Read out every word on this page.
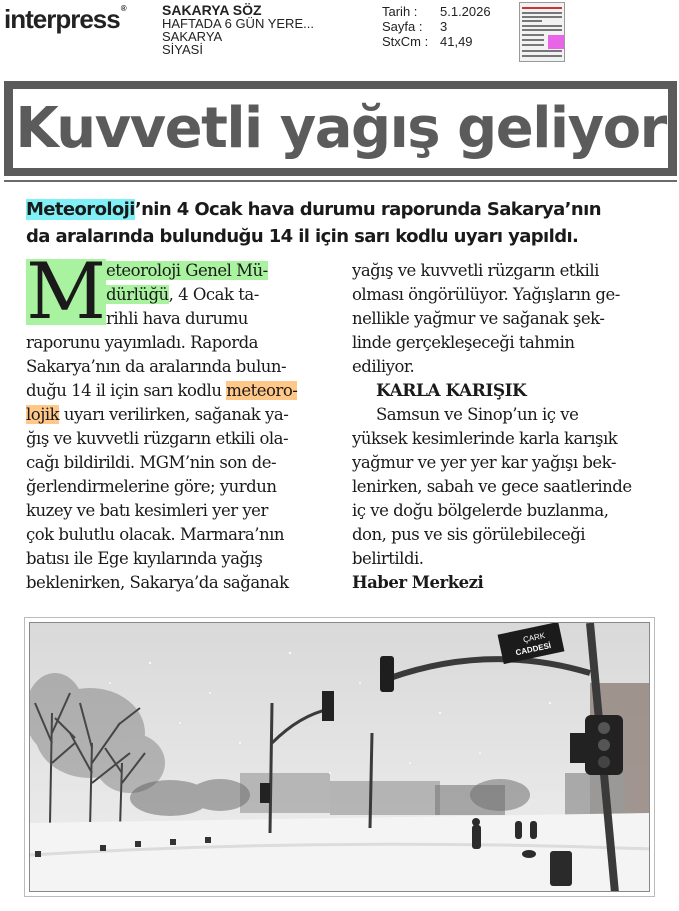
interpress®	SAKARYA SÖZ
HAFTADA 6 GÜN YERE...
SAKARYA
SİYASİ
Tarih :	5.1.2026
Sayfa :	3
StxCm : 41,49
Kuvvetli yağış geliyor
Meteoroloji’nin 4 Ocak hava durumu raporunda Sakarya’nın
da aralarında bulunduğu 14 il için sarı kodlu uyarı yapıldı.
M eteoroloji Genel Mü-
dürlüğü, 4 Ocak ta-
rihli hava durumu
raporunu yayımladı. Raporda
Sakarya’nın da aralarında bulun-
duğu 14 il için sarı kodlu meteoro-
lojik uyarı verilirken, sağanak ya-
ğış ve kuvvetli rüzgarın etkili ola-
cağı bildirildi. MGM’nin son de-
ğerlendirmelerine göre; yurdun
kuzey ve batı kesimleri yer yer
çok bulutlu olacak. Marmara’nın
batısı ile Ege kıyılarında yağış
beklenirken, Sakarya’da sağanak
yağış ve kuvvetli rüzgarın etkili
olması öngörülüyor. Yağışların ge-
nellikle yağmur ve sağanak şek-
linde gerçekleşeceği tahmin
ediliyor.
KARLA KARIŞIK
Samsun ve Sinop’un iç ve
yüksek kesimlerinde karla karışık
yağmur ve yer yer kar yağışı bek-
lenirken, sabah ve gece saatlerinde
iç ve doğu bölgelerde buzlanma,
don, pus ve sis görülebileceği
belirtildi.
Haber Merkezi
ÇARK
CADDESİ
